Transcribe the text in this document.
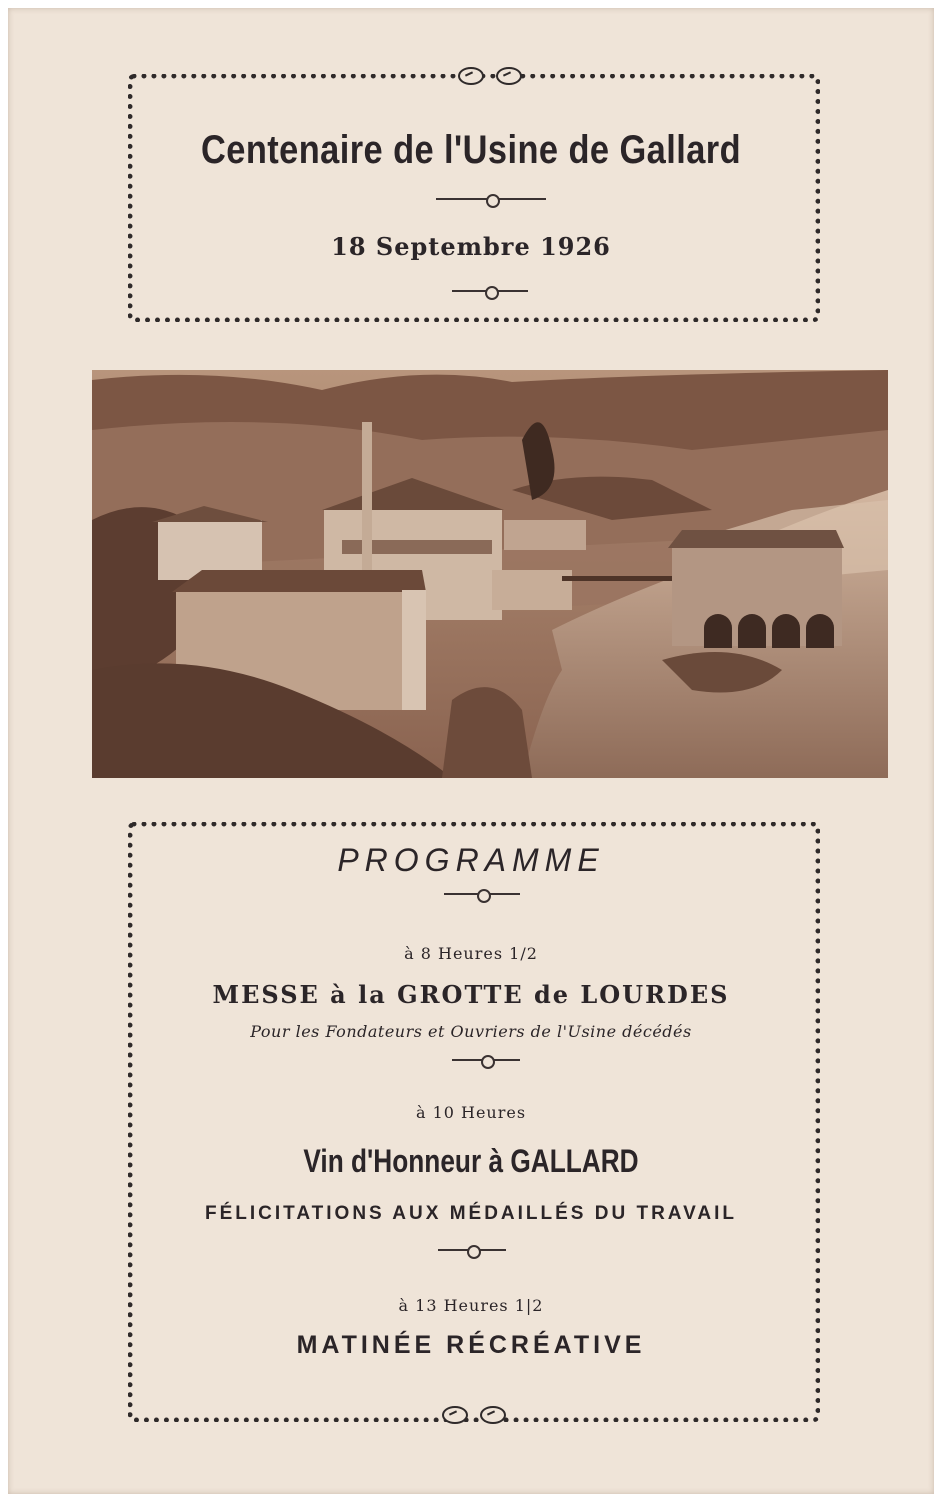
Centenaire de l'Usine de Gallard
18 Septembre 1926
PROGRAMME
à 8 Heures 1/2
MESSE à la GROTTE de LOURDES
Pour les Fondateurs et Ouvriers de l'Usine décédés
à 10 Heures
Vin d'Honneur à GALLARD
FÉLICITATIONS AUX MÉDAILLÉS DU TRAVAIL
à 13 Heures 1|2
MATINÉE RÉCRÉATIVE
